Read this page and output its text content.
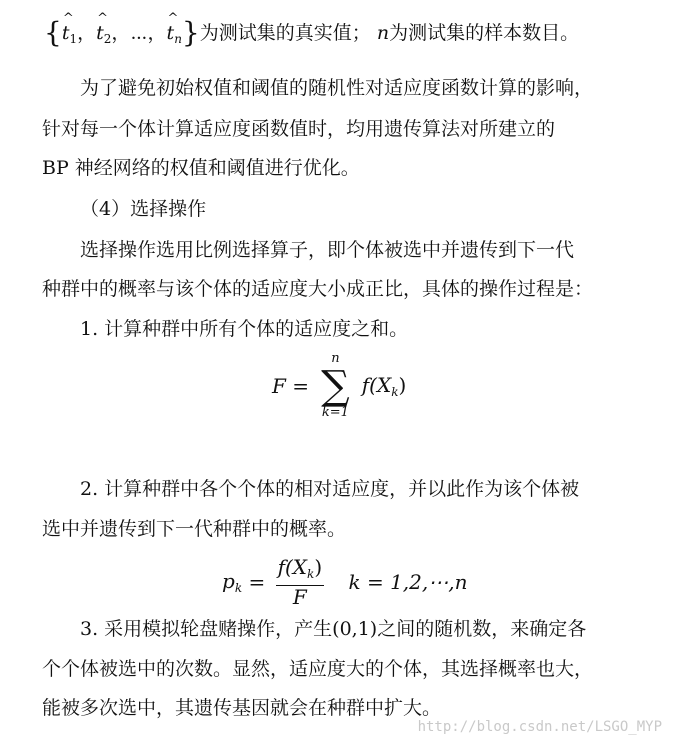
{^ $t_1$，^ $t_2$，⋯，^ $t_n$}为测试集的真实值； n为测试集的样本数目。
为了避免初始权值和阈值的随机性对适应度函数计算的影响，
针对每一个体计算适应度函数值时，均用遗传算法对所建立的
BP 神经网络的权值和阈值进行优化。
（4）选择操作
选择操作选用比例选择算子，即个体被选中并遗传到下一代
种群中的概率与该个体的适应度大小成正比，具体的操作过程是：
1. 计算种群中所有个体的适应度之和。
F =
n
∑
k=1
$f(X_k)$
2. 计算种群中各个个体的相对适应度，并以此作为该个体被
选中并遗传到下一代种群中的概率。
$p_k = \frac{f(X_k)}{F}$ k = 1,2,⋯,n
3. 采用模拟轮盘赌操作，产生(0,1)之间的随机数，来确定各
个个体被选中的次数。显然，适应度大的个体，其选择概率也大，
能被多次选中，其遗传基因就会在种群中扩大。
http://blog.csdn.net/LSGO_MYP
